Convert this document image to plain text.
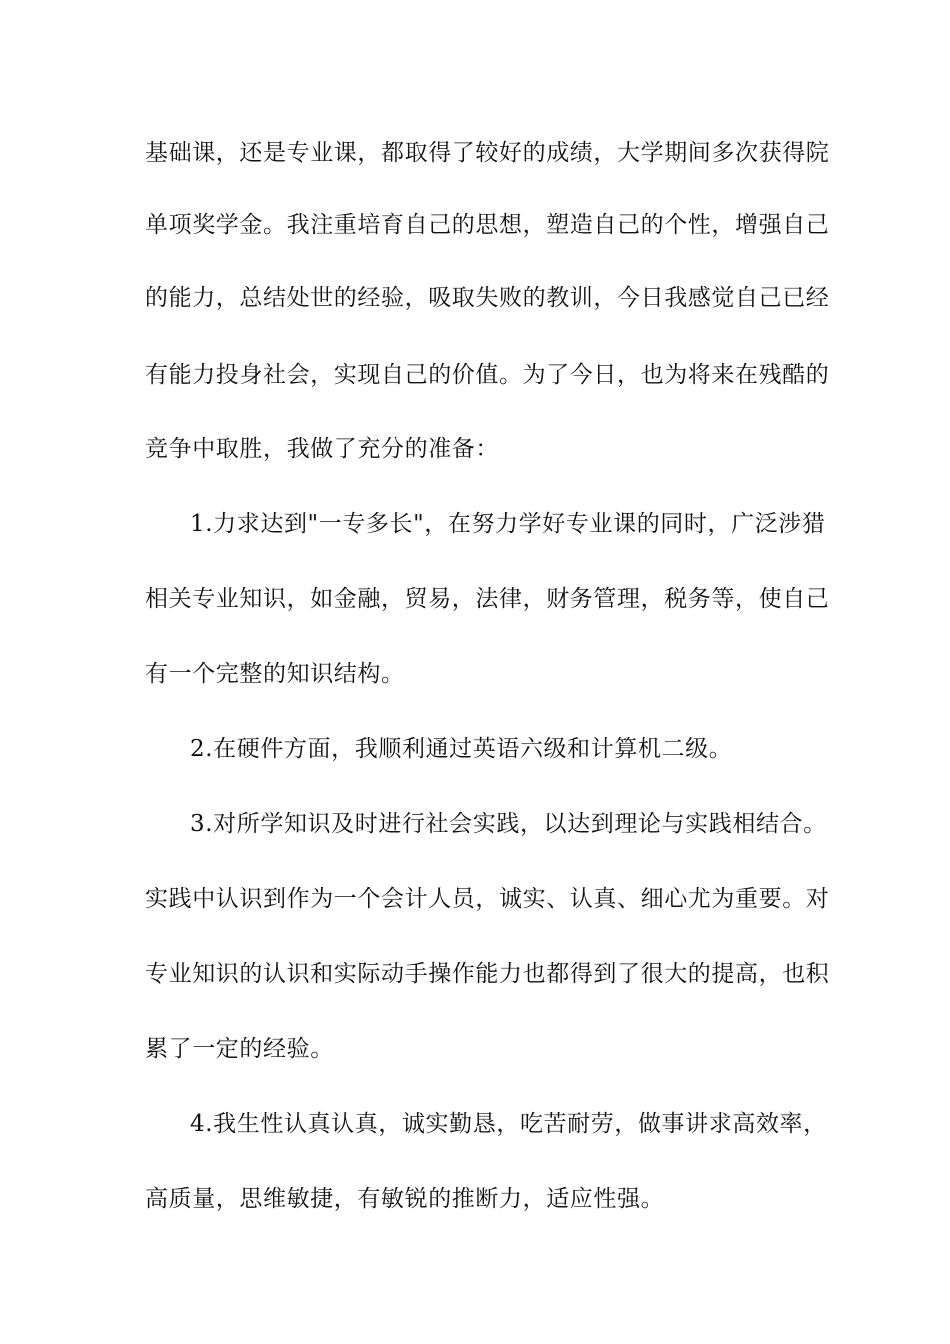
基础课，还是专业课，都取得了较好的成绩，大学期间多次获得院
单项奖学金。我注重培育自己的思想，塑造自己的个性，增强自己
的能力，总结处世的经验，吸取失败的教训，今日我感觉自己已经
有能力投身社会，实现自己的价值。为了今日，也为将来在残酷的
竞争中取胜，我做了充分的准备：
1.力求达到"一专多长"，在努力学好专业课的同时，广泛涉猎
相关专业知识，如金融，贸易，法律，财务管理，税务等，使自己
有一个完整的知识结构。
2.在硬件方面，我顺利通过英语六级和计算机二级。
3.对所学知识及时进行社会实践，以达到理论与实践相结合。
实践中认识到作为一个会计人员，诚实、认真、细心尤为重要。对
专业知识的认识和实际动手操作能力也都得到了很大的提高，也积
累了一定的经验。
4.我生性认真认真，诚实勤恳，吃苦耐劳，做事讲求高效率，
高质量，思维敏捷，有敏锐的推断力，适应性强。
